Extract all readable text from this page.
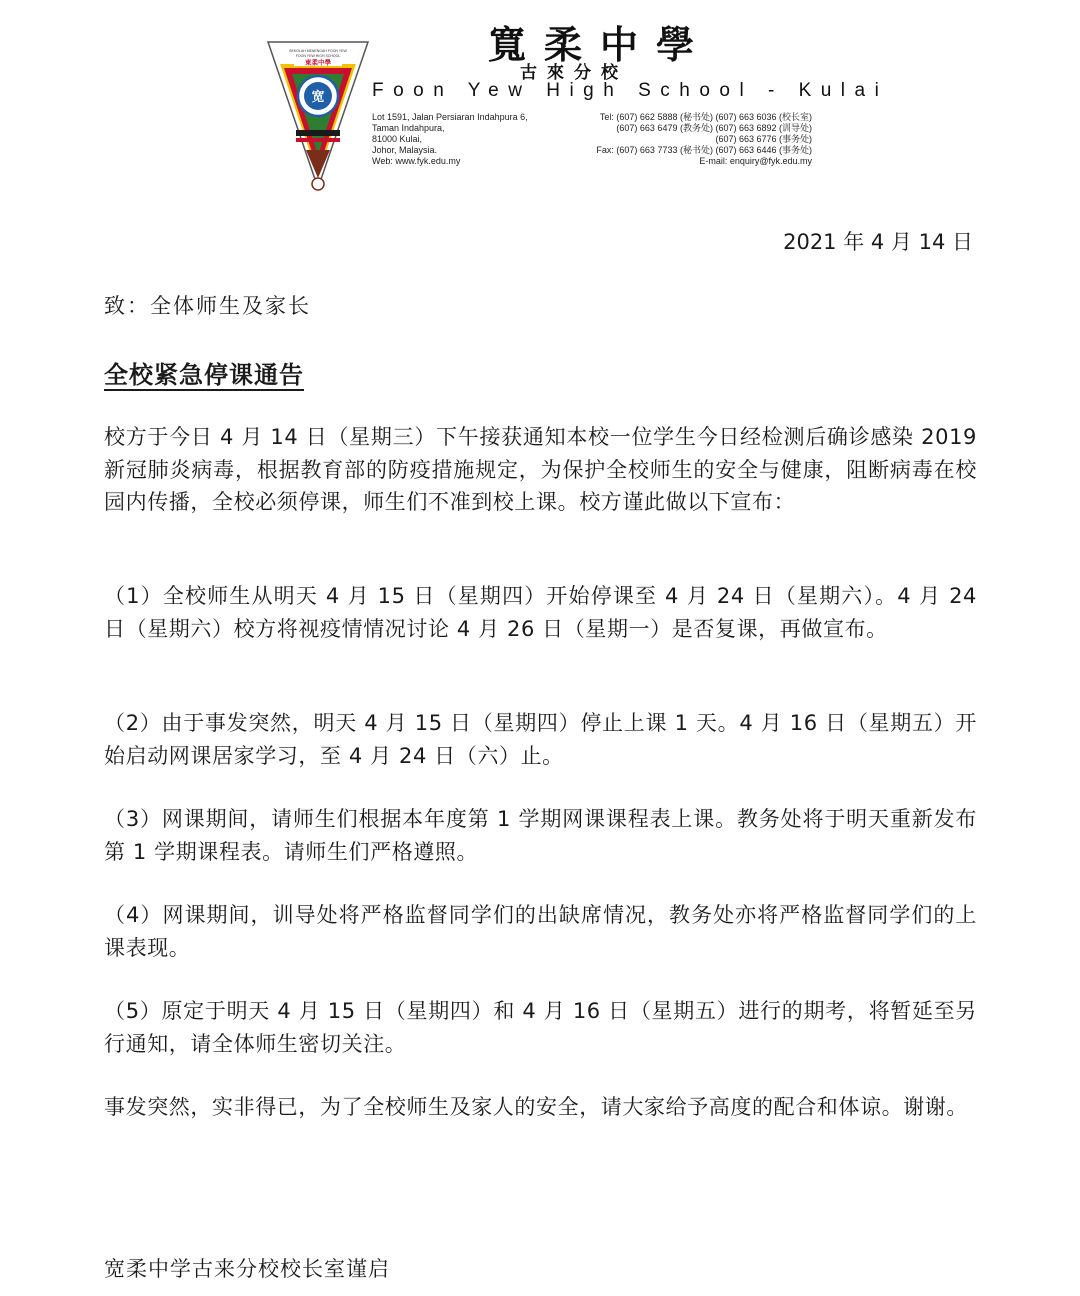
SEKOLAH MENENGAH FOON YEW
FOON YEW HIGH SCHOOL
東柔中學
宽
寬柔中學
古來分校
Foon Yew High School - Kulai
Lot 1591, Jalan Persiaran Indahpura 6,
Taman Indahpura,
81000 Kulai,
Johor, Malaysia.
Web: www.fyk.edu.my
Tel: (607) 662 5888 (秘书处) (607) 663 6036 (校长室)
(607) 663 6479 (教务处) (607) 663 6892 (训导处)
(607) 663 6776 (事务处)
Fax: (607) 663 7733 (秘书处) (607) 663 6446 (事务处)
E-mail: enquiry@fyk.edu.my
2021 年 4 月 14 日
致：全体师生及家长
全校紧急停课通告
校方于今日 4 月 14 日（星期三）下午接获通知本校一位学生今日经检测后确诊感染 2019 新冠肺炎病毒，根据教育部的防疫措施规定，为保护全校师生的安全与健康，阻断病毒在校园内传播，全校必须停课，师生们不准到校上课。校方谨此做以下宣布：
（1）全校师生从明天 4 月 15 日（星期四）开始停课至 4 月 24 日（星期六）。4 月 24 日（星期六）校方将视疫情情况讨论 4 月 26 日（星期一）是否复课，再做宣布。
（2）由于事发突然，明天 4 月 15 日（星期四）停止上课 1 天。4 月 16 日（星期五）开始启动网课居家学习，至 4 月 24 日（六）止。
（3）网课期间，请师生们根据本年度第 1 学期网课课程表上课。教务处将于明天重新发布第 1 学期课程表。请师生们严格遵照。
（4）网课期间，训导处将严格监督同学们的出缺席情况，教务处亦将严格监督同学们的上课表现。
（5）原定于明天 4 月 15 日（星期四）和 4 月 16 日（星期五）进行的期考，将暂延至另行通知，请全体师生密切关注。
事发突然，实非得已，为了全校师生及家人的安全，请大家给予高度的配合和体谅。谢谢。
宽柔中学古来分校校长室谨启
